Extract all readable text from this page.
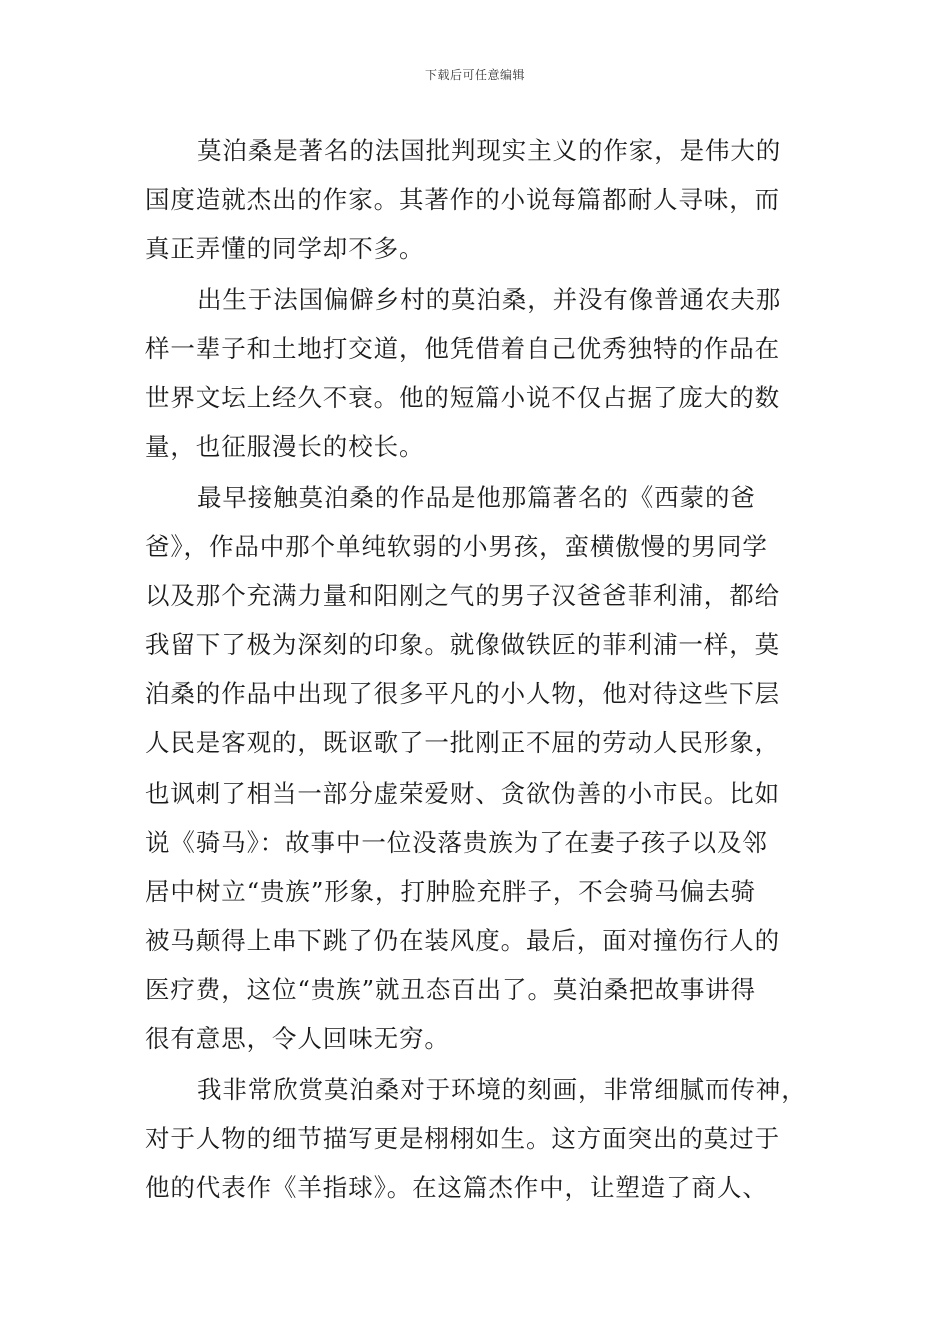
下载后可任意编辑
莫泊桑是著名的法国批判现实主义的作家，是伟大的
国度造就杰出的作家。其著作的小说每篇都耐人寻味，而
真正弄懂的同学却不多。
出生于法国偏僻乡村的莫泊桑，并没有像普通农夫那
样一辈子和土地打交道，他凭借着自己优秀独特的作品在
世界文坛上经久不衰。他的短篇小说不仅占据了庞大的数
量，也征服漫长的校长。
最早接触莫泊桑的作品是他那篇著名的《西蒙的爸
爸》，作品中那个单纯软弱的小男孩，蛮横傲慢的男同学
以及那个充满力量和阳刚之气的男子汉爸爸菲利浦，都给
我留下了极为深刻的印象。就像做铁匠的菲利浦一样，莫
泊桑的作品中出现了很多平凡的小人物，他对待这些下层
人民是客观的，既讴歌了一批刚正不屈的劳动人民形象，
也讽刺了相当一部分虚荣爱财、贪欲伪善的小市民。比如
说《骑马》：故事中一位没落贵族为了在妻子孩子以及邻
居中树立“贵族”形象，打肿脸充胖子，不会骑马偏去骑
被马颠得上串下跳了仍在装风度。最后，面对撞伤行人的
医疗费，这位“贵族”就丑态百出了。莫泊桑把故事讲得
很有意思，令人回味无穷。
我非常欣赏莫泊桑对于环境的刻画，非常细腻而传神，
对于人物的细节描写更是栩栩如生。这方面突出的莫过于
他的代表作《羊指球》。在这篇杰作中，让塑造了商人、
